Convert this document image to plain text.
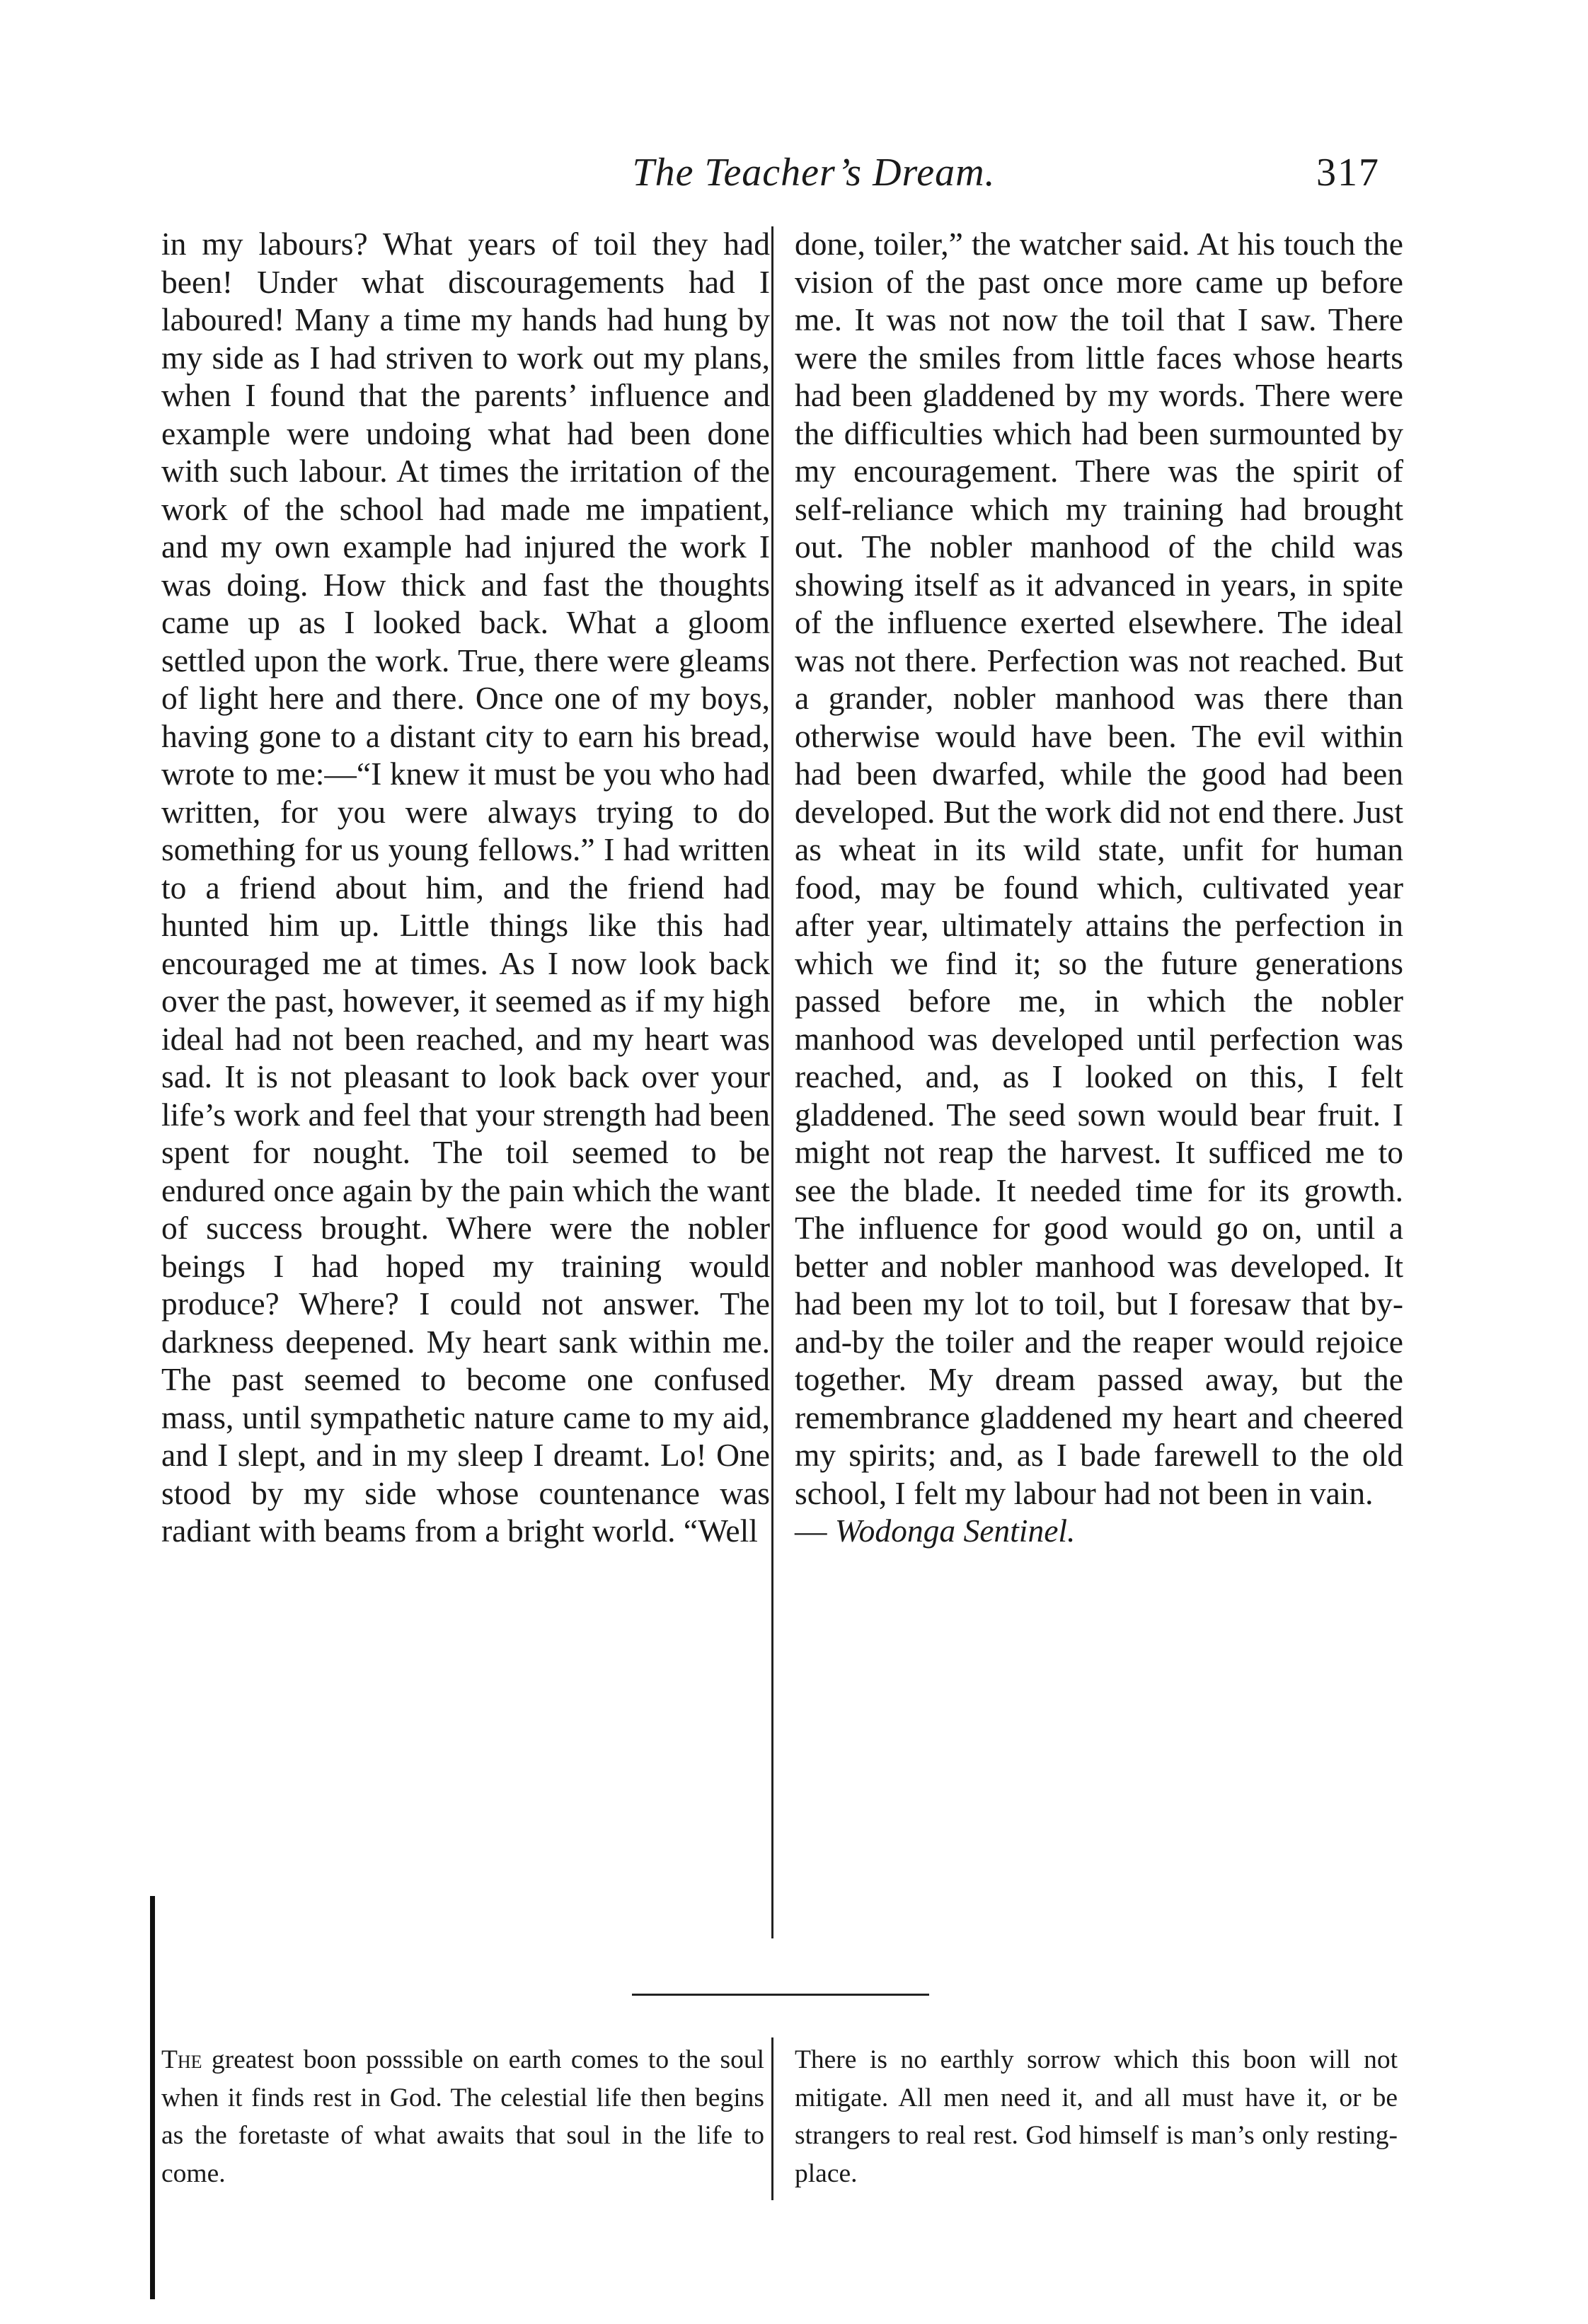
The Teacher’s Dream.	317

in my labours? What years of toil they had been! Under what discouragements had I laboured! Many a time my hands had hung by my side as I had striven to work out my plans, when I found that the parents’ influence and example were undoing what had been done with such labour. At times the irritation of the work of the school had made me impatient, and my own example had injured the work I was doing. How thick and fast the thoughts came up as I looked back. What a gloom settled upon the work. True, there were gleams of light here and there. Once one of my boys, having gone to a distant city to earn his bread, wrote to me:—“I knew it must be you who had written, for you were always trying to do something for us young fellows.” I had written to a friend about him, and the friend had hunted him up. Little things like this had encouraged me at times. As I now look back over the past, however, it seemed as if my high ideal had not been reached, and my heart was sad. It is not pleasant to look back over your life’s work and feel that your strength had been spent for nought. The toil seemed to be endured once again by the pain which the want of success brought. Where were the nobler beings I had hoped my training would produce? Where? I could not answer. The darkness deepened. My heart sank within me. The past seemed to become one confused mass, until sympathetic nature came to my aid, and I slept, and in my sleep I dreamt. Lo! One stood by my side whose countenance was radiant with beams from a bright world. “Well

done, toiler,” the watcher said. At his touch the vision of the past once more came up before me. It was not now the toil that I saw. There were the smiles from little faces whose hearts had been gladdened by my words. There were the difficulties which had been surmounted by my encouragement. There was the spirit of self-reliance which my training had brought out. The nobler manhood of the child was showing itself as it advanced in years, in spite of the influence exerted elsewhere. The ideal was not there. Perfection was not reached. But a grander, nobler manhood was there than otherwise would have been. The evil within had been dwarfed, while the good had been developed. But the work did not end there. Just as wheat in its wild state, unfit for human food, may be found which, cultivated year after year, ultimately attains the perfection in which we find it; so the future generations passed before me, in which the nobler manhood was developed until perfection was reached, and, as I looked on this, I felt gladdened. The seed sown would bear fruit. I might not reap the harvest. It sufficed me to see the blade. It needed time for its growth. The influence for good would go on, until a better and nobler manhood was developed. It had been my lot to toil, but I foresaw that by-and-by the toiler and the reaper would rejoice together. My dream passed away, but the remembrance gladdened my heart and cheered my spirits; and, as I bade farewell to the old school, I felt my labour had not been in vain.

— Wodonga Sentinel.

The greatest boon posssible on earth comes to the soul when it finds rest in God. The celestial life then begins as the foretaste of what awaits that soul in the life to come.

There is no earthly sorrow which this boon will not mitigate. All men need it, and all must have it, or be strangers to real rest. God himself is man’s only resting-place.
